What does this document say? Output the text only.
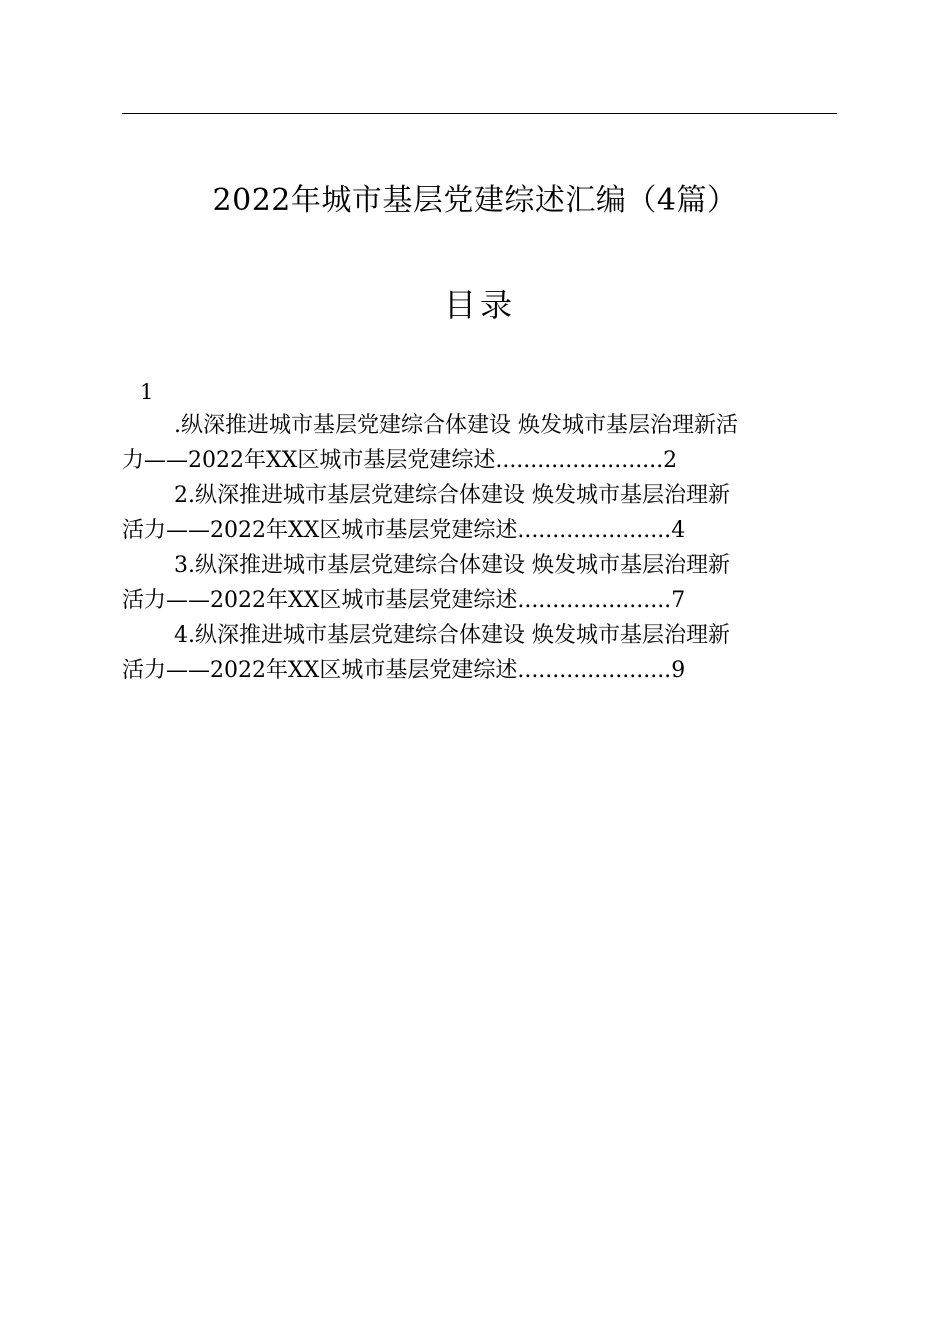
2022年城市基层党建综述汇编（4篇）
目录
1
.纵深推进城市基层党建综合体建设 焕发城市基层治理新活
力——2022年XX区城市基层党建综述........................2
2.纵深推进城市基层党建综合体建设 焕发城市基层治理新
活力——2022年XX区城市基层党建综述......................4
3.纵深推进城市基层党建综合体建设 焕发城市基层治理新
活力——2022年XX区城市基层党建综述......................7
4.纵深推进城市基层党建综合体建设 焕发城市基层治理新
活力——2022年XX区城市基层党建综述......................9
